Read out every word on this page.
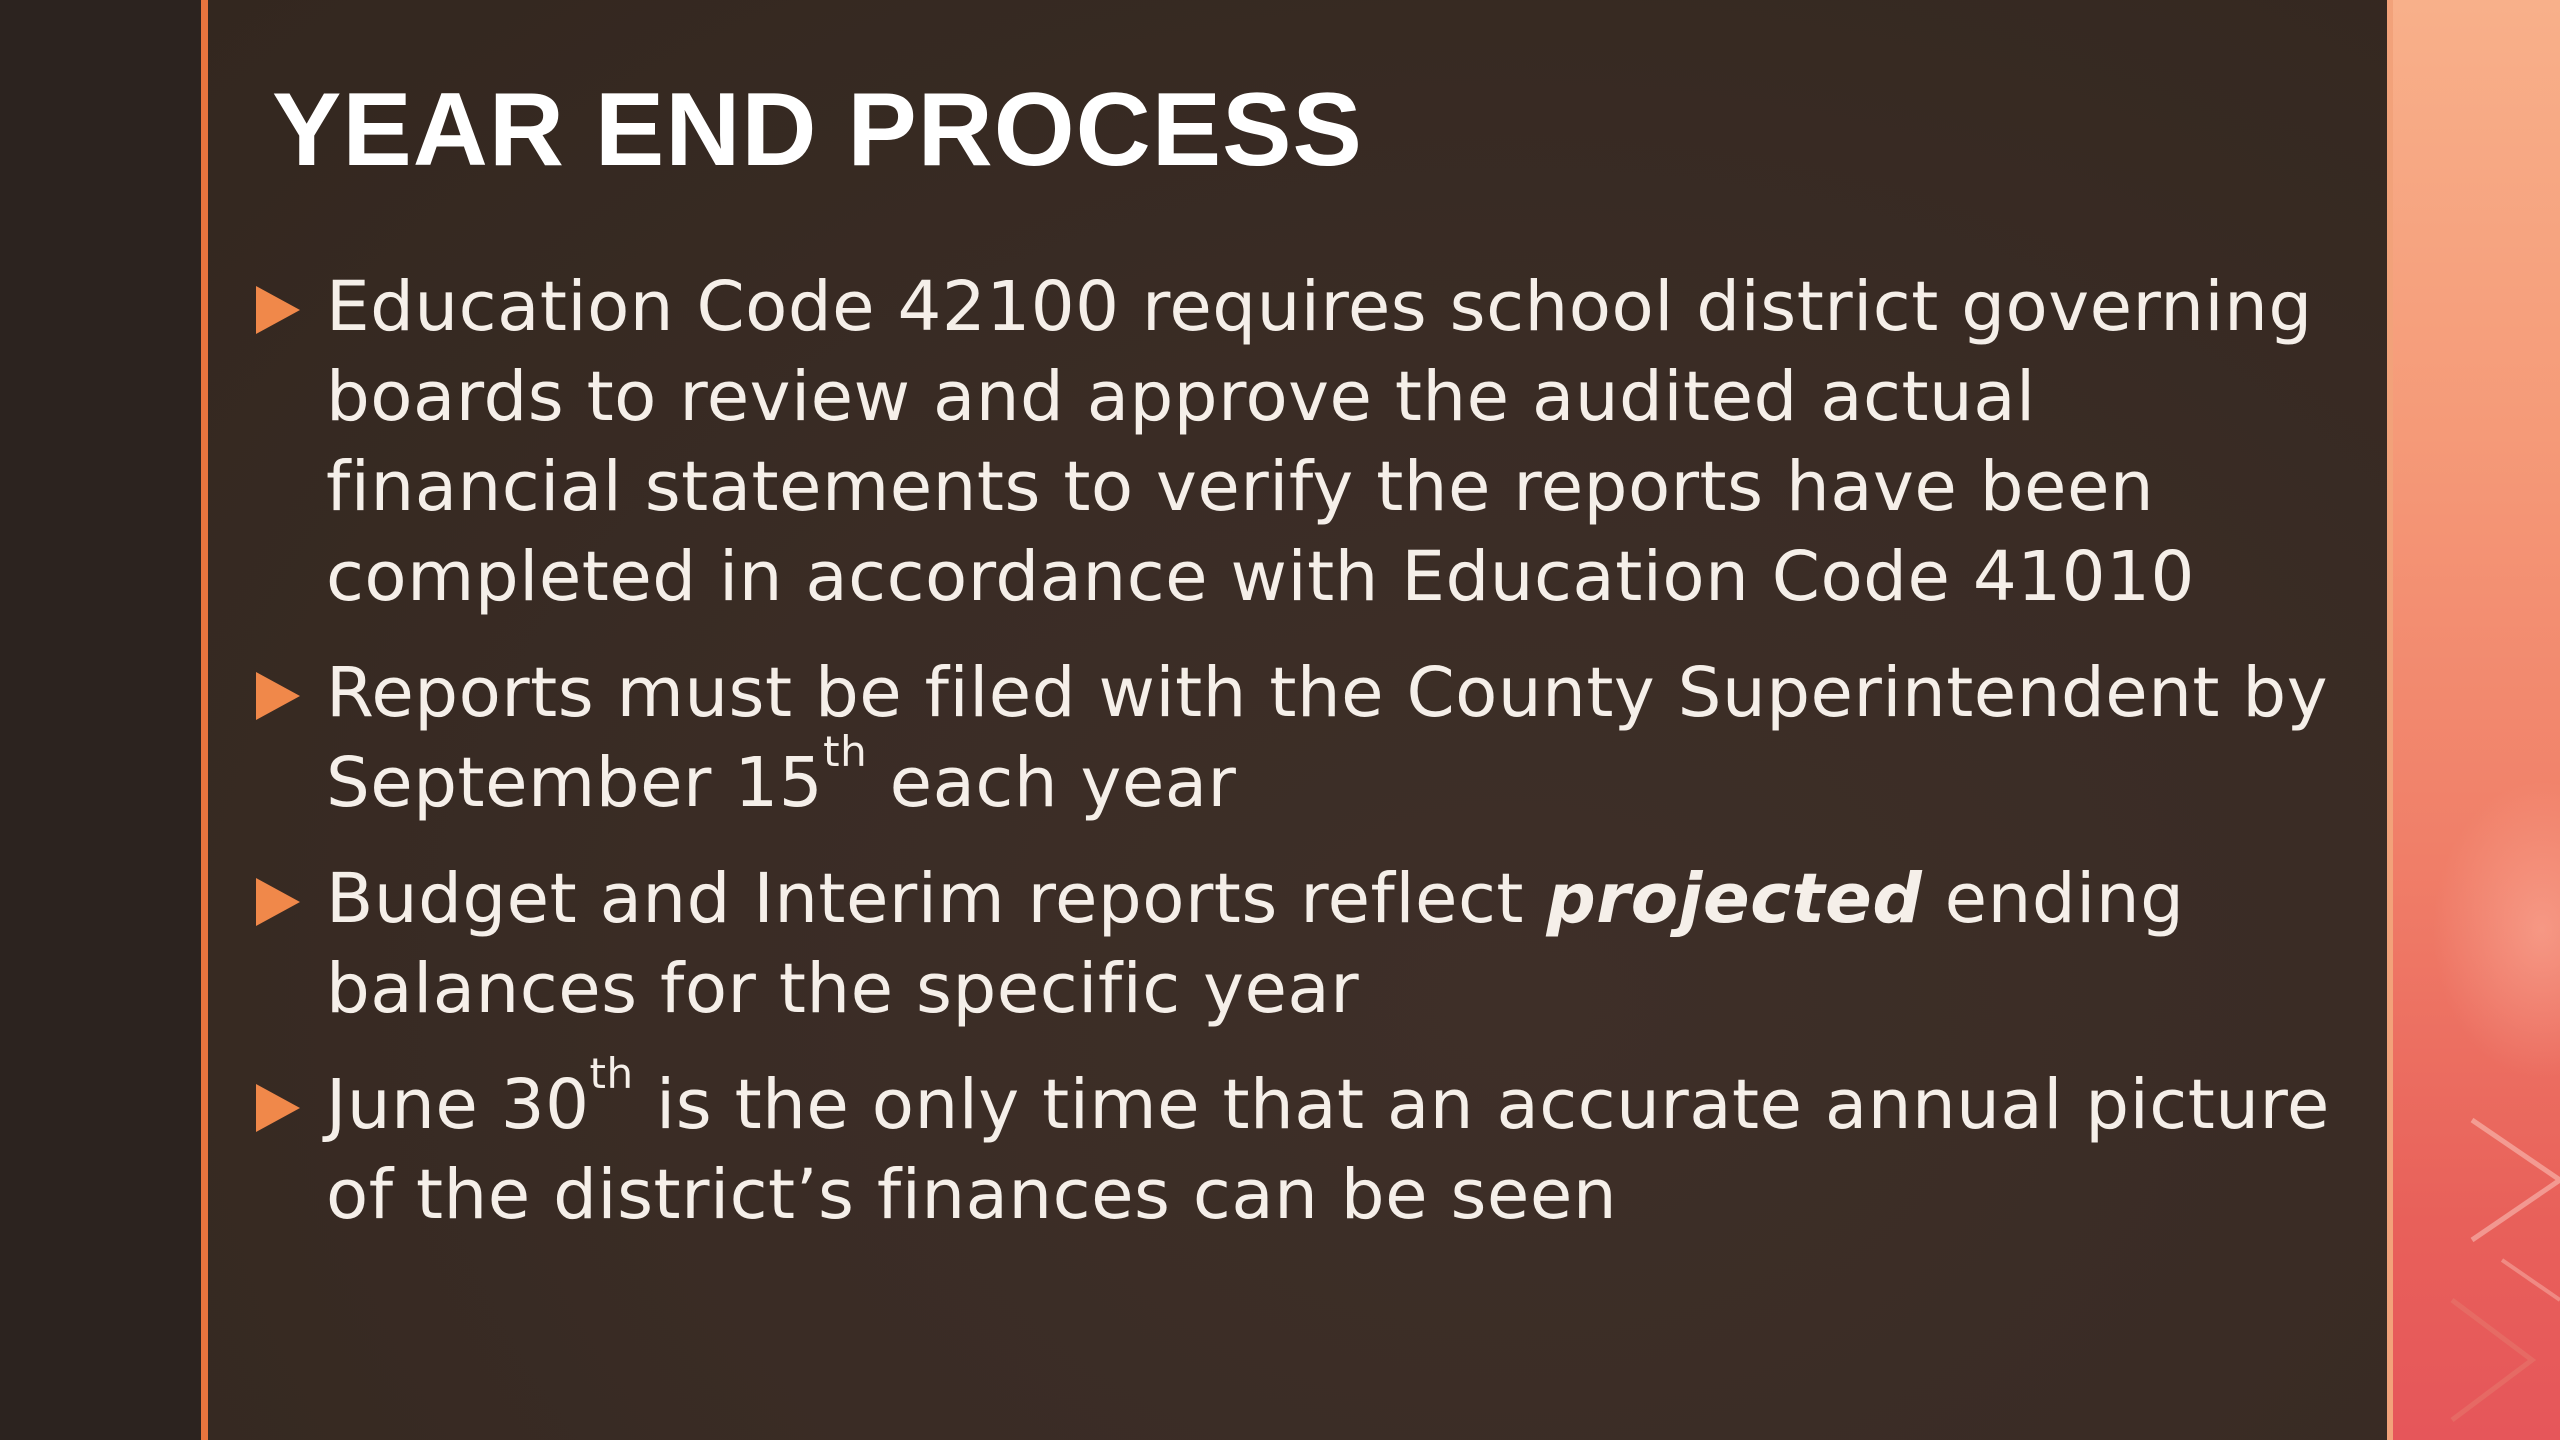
YEAR END PROCESS
Education Code 42100 requires school district governing boards to review and approve the audited actual financial statements to verify the reports have been completed in accordance with Education Code 41010
Reports must be filed with the County Superintendent by September 15th each year
Budget and Interim reports reflect projected ending balances for the specific year
June 30th is the only time that an accurate annual picture of the district’s finances can be seen
